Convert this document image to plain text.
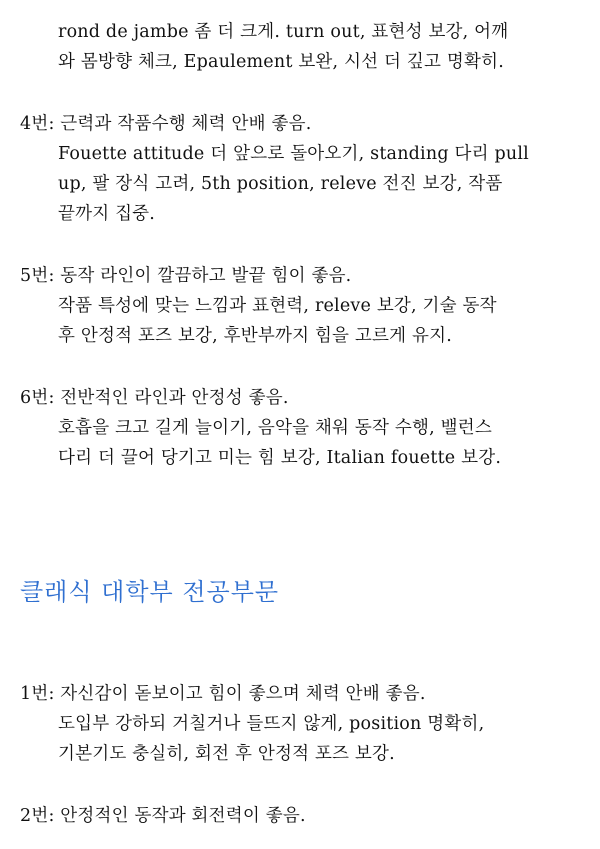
rond de jambe 좀 더 크게. turn out, 표현성 보강, 어깨
와 몸방향 체크, Epaulement 보완, 시선 더 깊고 명확히.
4번: 근력과 작품수행 체력 안배 좋음.
Fouette attitude 더 앞으로 돌아오기, standing 다리 pull
up, 팔 장식 고려, 5th position, releve 전진 보강, 작품
끝까지 집중.
5번: 동작 라인이 깔끔하고 발끝 힘이 좋음.
작품 특성에 맞는 느낌과 표현력, releve 보강, 기술 동작
후 안정적 포즈 보강, 후반부까지 힘을 고르게 유지.
6번: 전반적인 라인과 안정성 좋음.
호흡을 크고 길게 늘이기, 음악을 채워 동작 수행, 밸런스
다리 더 끌어 당기고 미는 힘 보강, Italian fouette 보강.
클래식 대학부 전공부문
1번: 자신감이 돋보이고 힘이 좋으며 체력 안배 좋음.
도입부 강하되 거칠거나 들뜨지 않게, position 명확히,
기본기도 충실히, 회전 후 안정적 포즈 보강.
2번: 안정적인 동작과 회전력이 좋음.
